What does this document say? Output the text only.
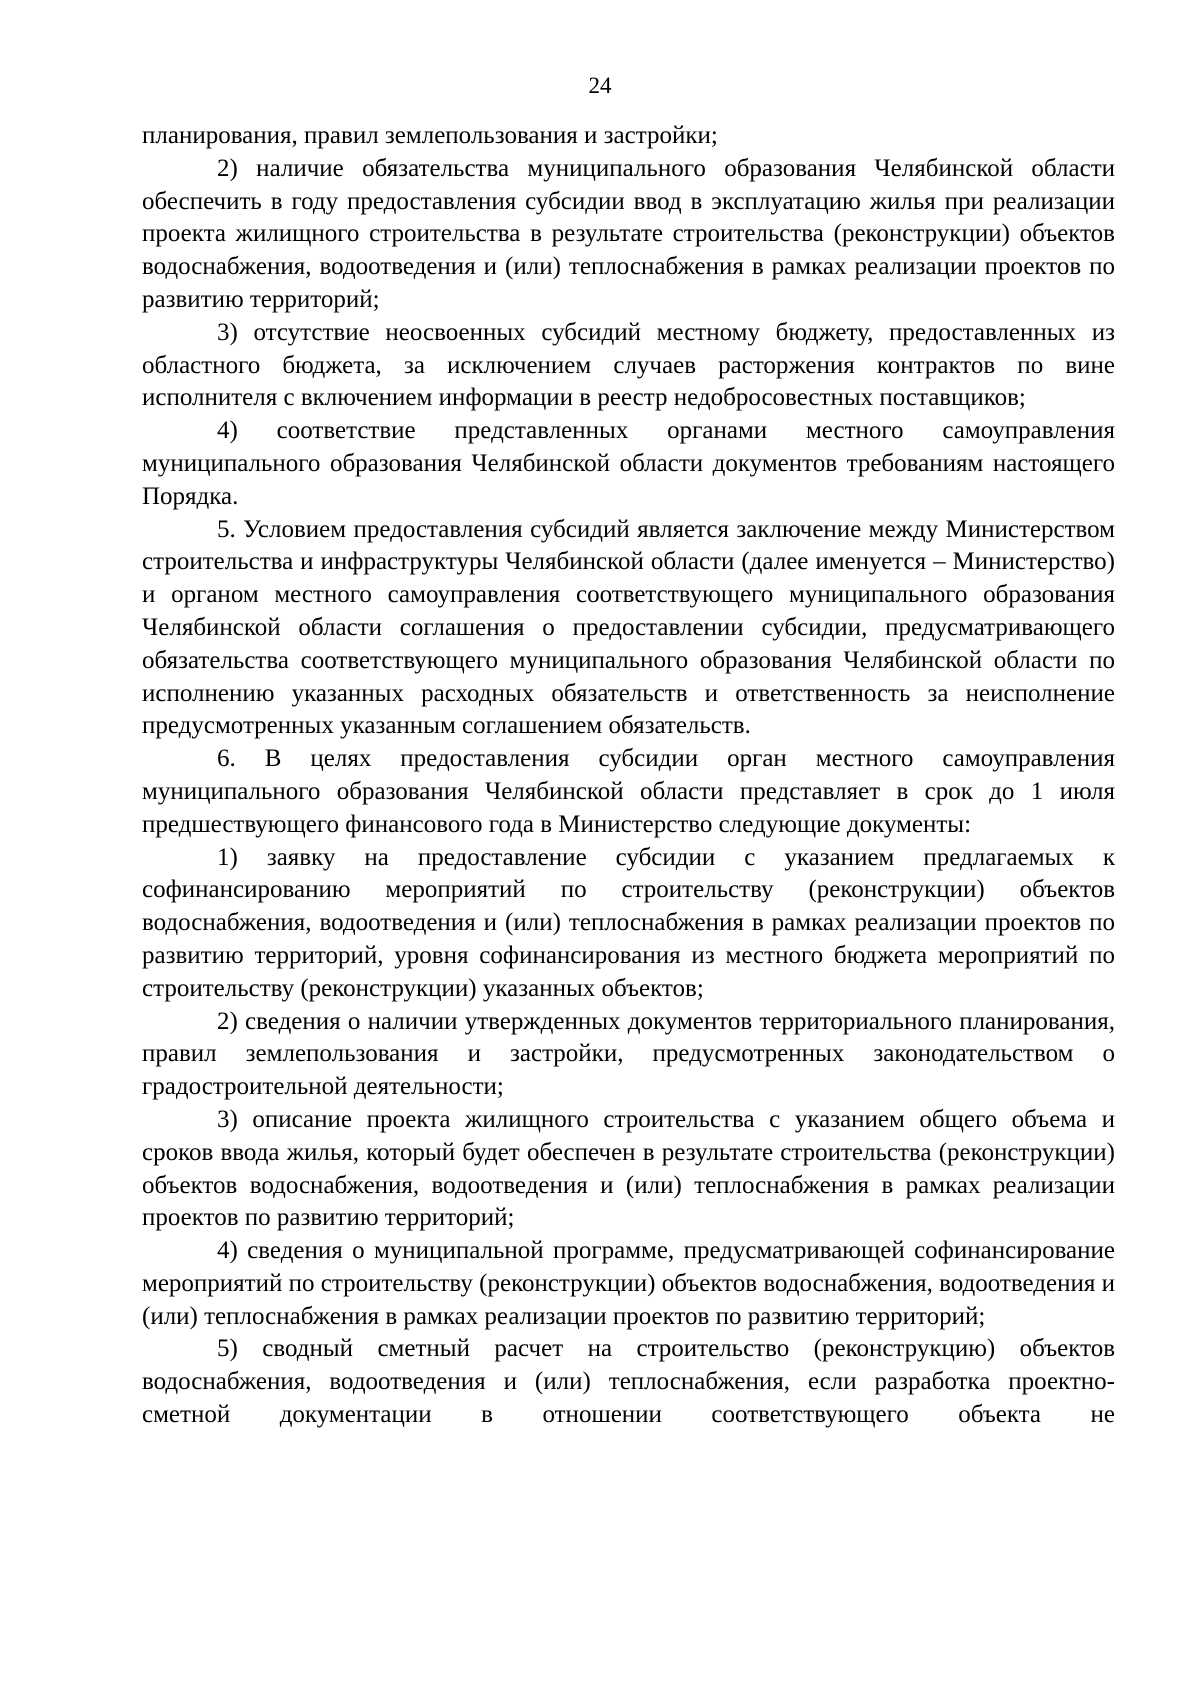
24

планирования, правил землепользования и застройки;

2) наличие обязательства муниципального образования Челябинской области обеспечить в году предоставления субсидии ввод в эксплуатацию жилья при реализации проекта жилищного строительства в результате строительства (реконструкции) объектов водоснабжения, водоотведения и (или) теплоснабжения в рамках реализации проектов по развитию территорий;

3) отсутствие неосвоенных субсидий местному бюджету, предоставленных из областного бюджета, за исключением случаев расторжения контрактов по вине исполнителя с включением информации в реестр недобросовестных поставщиков;

4) соответствие представленных органами местного самоуправления муниципального образования Челябинской области документов требованиям настоящего Порядка.

5. Условием предоставления субсидий является заключение между Министерством строительства и инфраструктуры Челябинской области (далее именуется – Министерство) и органом местного самоуправления соответствующего муниципального образования Челябинской области соглашения о предоставлении субсидии, предусматривающего обязательства соответствующего муниципального образования Челябинской области по исполнению указанных расходных обязательств и ответственность за неисполнение предусмотренных указанным соглашением обязательств.

6. В целях предоставления субсидии орган местного самоуправления муниципального образования Челябинской области представляет в срок до 1 июля предшествующего финансового года в Министерство следующие документы:

1) заявку на предоставление субсидии с указанием предлагаемых к софинансированию мероприятий по строительству (реконструкции) объектов водоснабжения, водоотведения и (или) теплоснабжения в рамках реализации проектов по развитию территорий, уровня софинансирования из местного бюджета мероприятий по строительству (реконструкции) указанных объектов;

2) сведения о наличии утвержденных документов территориального планирования, правил землепользования и застройки, предусмотренных законодательством о градостроительной деятельности;

3) описание проекта жилищного строительства с указанием общего объема и сроков ввода жилья, который будет обеспечен в результате строительства (реконструкции) объектов водоснабжения, водоотведения и (или) теплоснабжения в рамках реализации проектов по развитию территорий;

4) сведения о муниципальной программе, предусматривающей софинансирование мероприятий по строительству (реконструкции) объектов водоснабжения, водоотведения и (или) теплоснабжения в рамках реализации проектов по развитию территорий;

5) сводный сметный расчет на строительство (реконструкцию) объектов водоснабжения, водоотведения и (или) теплоснабжения, если разработка проектно-сметной документации в отношении соответствующего объекта не
